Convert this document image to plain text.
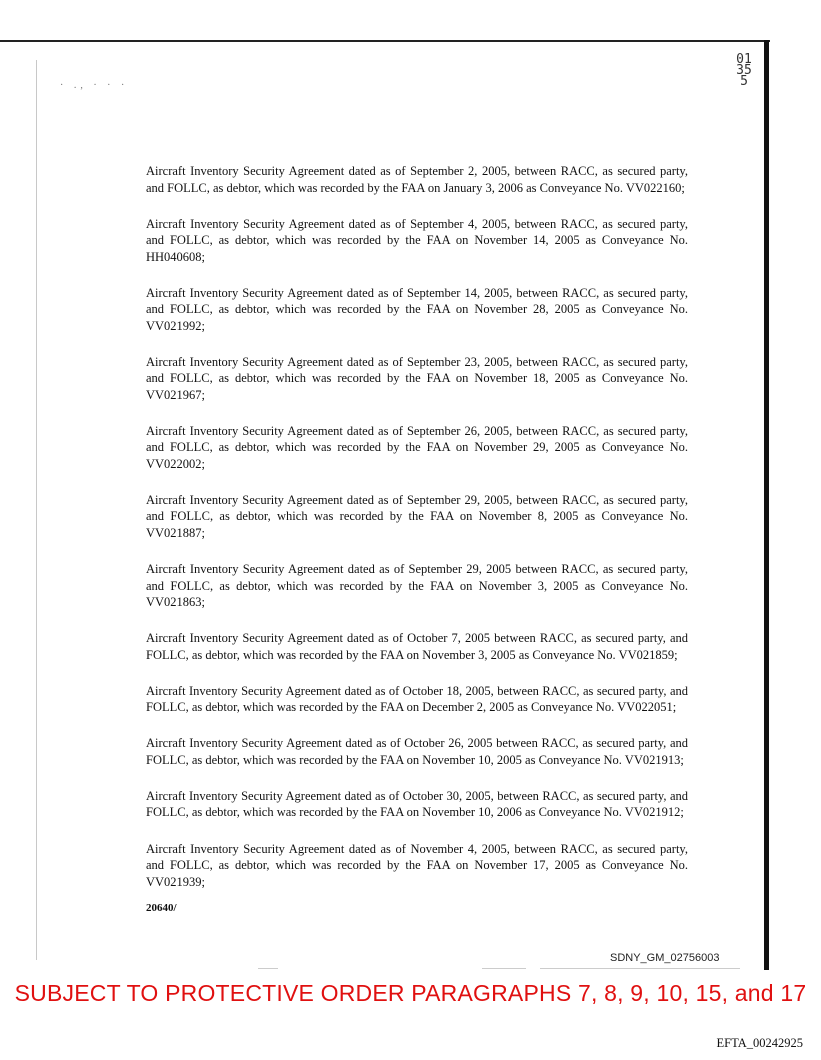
· ., · · ·
01355

Aircraft Inventory Security Agreement dated as of September 2, 2005, between RACC, as secured party, and FOLLC, as debtor, which was recorded by the FAA on January 3, 2006 as Conveyance No. VV022160;

Aircraft Inventory Security Agreement dated as of September 4, 2005, between RACC, as secured party, and FOLLC, as debtor, which was recorded by the FAA on November 14, 2005 as Conveyance No. HH040608;

Aircraft Inventory Security Agreement dated as of September 14, 2005, between RACC, as secured party, and FOLLC, as debtor, which was recorded by the FAA on November 28, 2005 as Conveyance No. VV021992;

Aircraft Inventory Security Agreement dated as of September 23, 2005, between RACC, as secured party, and FOLLC, as debtor, which was recorded by the FAA on November 18, 2005 as Conveyance No. VV021967;

Aircraft Inventory Security Agreement dated as of September 26, 2005, between RACC, as secured party, and FOLLC, as debtor, which was recorded by the FAA on November 29, 2005 as Conveyance No. VV022002;

Aircraft Inventory Security Agreement dated as of September 29, 2005, between RACC, as secured party, and FOLLC, as debtor, which was recorded by the FAA on November 8, 2005 as Conveyance No. VV021887;

Aircraft Inventory Security Agreement dated as of September 29, 2005 between RACC, as secured party, and FOLLC, as debtor, which was recorded by the FAA on November 3, 2005 as Conveyance No. VV021863;

Aircraft Inventory Security Agreement dated as of October 7, 2005 between RACC, as secured party, and FOLLC, as debtor, which was recorded by the FAA on November 3, 2005 as Conveyance No. VV021859;

Aircraft Inventory Security Agreement dated as of October 18, 2005, between RACC, as secured party, and FOLLC, as debtor, which was recorded by the FAA on December 2, 2005 as Conveyance No. VV022051;

Aircraft Inventory Security Agreement dated as of October 26, 2005 between RACC, as secured party, and FOLLC, as debtor, which was recorded by the FAA on November 10, 2005 as Conveyance No. VV021913;

Aircraft Inventory Security Agreement dated as of October 30, 2005, between RACC, as secured party, and FOLLC, as debtor, which was recorded by the FAA on November 10, 2006 as Conveyance No. VV021912;

Aircraft Inventory Security Agreement dated as of November 4, 2005, between RACC, as secured party, and FOLLC, as debtor, which was recorded by the FAA on November 17, 2005 as Conveyance No. VV021939;

20640/
SDNY_GM_02756003
SUBJECT TO PROTECTIVE ORDER PARAGRAPHS 7, 8, 9, 10, 15, and 17
EFTA_00242925
